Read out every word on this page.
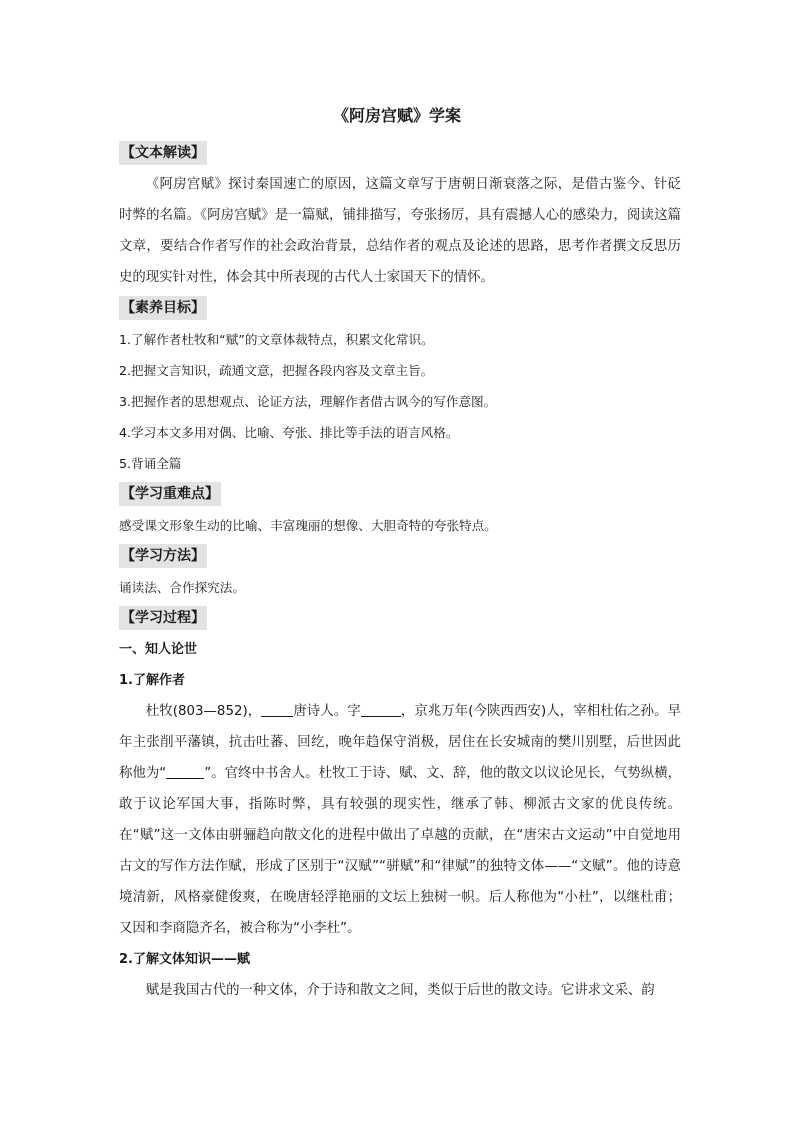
《阿房宫赋》学案
【文本解读】

《阿房宫赋》探讨秦国速亡的原因，这篇文章写于唐朝日渐衰落之际，是借古鉴今、针砭时弊的名篇。《阿房宫赋》是一篇赋，铺排描写，夸张扬厉，具有震撼人心的感染力，阅读这篇文章，要结合作者写作的社会政治背景，总结作者的观点及论述的思路，思考作者撰文反思历史的现实针对性，体会其中所表现的古代人士家国天下的情怀。

【素养目标】

1.了解作者杜牧和“赋”的文章体裁特点，积累文化常识。

2.把握文言知识，疏通文意，把握各段内容及文章主旨。

3.把握作者的思想观点、论证方法，理解作者借古讽今的写作意图。

4.学习本文多用对偶、比喻、夸张、排比等手法的语言风格。

5.背诵全篇

【学习重难点】

感受课文形象生动的比喻、丰富瑰丽的想像、大胆奇特的夸张特点。

【学习方法】

诵读法、合作探究法。

【学习过程】

一、知人论世

1.了解作者

杜牧(803—852)， 唐诗人。字	，京兆万年(今陕西西安)人，宰相杜佑之孙。早年主张削平藩镇，抗击吐蕃、回纥，晚年趋保守消极，居住在长安城南的樊川别墅，后世因此称他为“	”。官终中书舍人。杜牧工于诗、赋、文、辞，他的散文以议论见长，气势纵横，敢于议论军国大事，指陈时弊，具有较强的现实性，继承了韩、柳派古文家的优良传统。在“赋”这一文体由骈骊趋向散文化的进程中做出了卓越的贡献，在“唐宋古文运动”中自觉地用古文的写作方法作赋，形成了区别于“汉赋”“骈赋”和“律赋”的独特文体——“文赋”。他的诗意境清新，风格豪健俊爽，在晚唐轻浮艳丽的文坛上独树一帜。后人称他为“小杜”，以继杜甫；又因和李商隐齐名，被合称为“小李杜”。

2.了解文体知识——赋

赋是我国古代的一种文体，介于诗和散文之间，类似于后世的散文诗。它讲求文采、韵
